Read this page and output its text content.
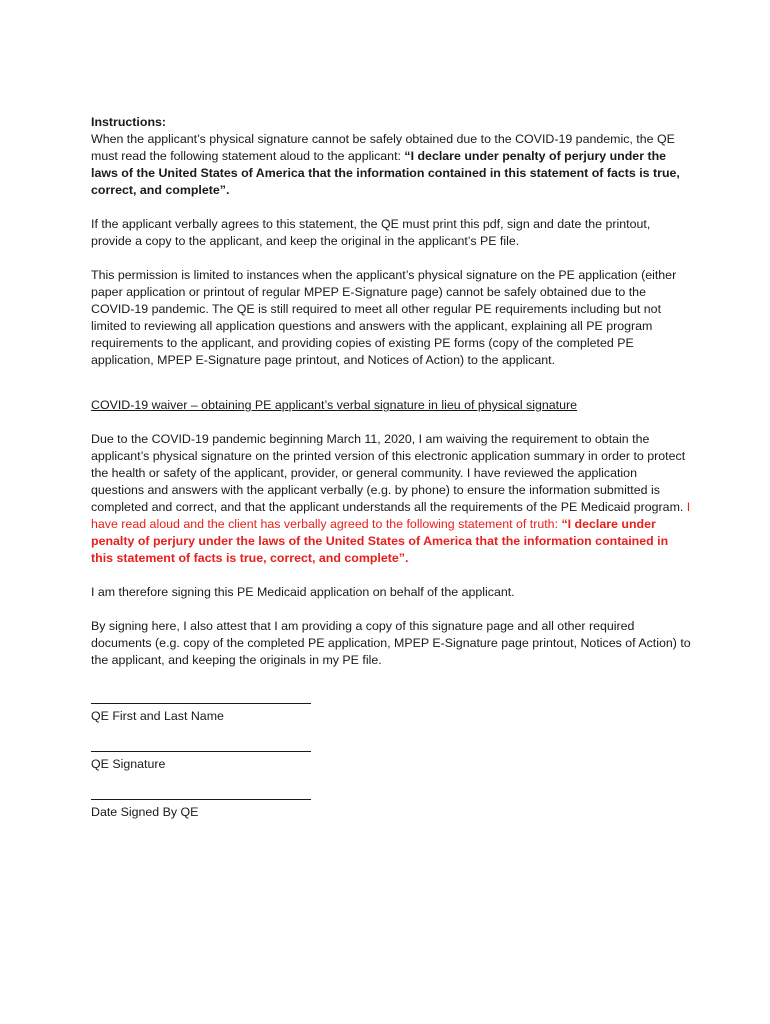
Instructions:

When the applicant’s physical signature cannot be safely obtained due to the COVID-19 pandemic, the QE must read the following statement aloud to the applicant: “I declare under penalty of perjury under the laws of the United States of America that the information contained in this statement of facts is true, correct, and complete”.

If the applicant verbally agrees to this statement, the QE must print this pdf, sign and date the printout, provide a copy to the applicant, and keep the original in the applicant’s PE file.

This permission is limited to instances when the applicant’s physical signature on the PE application (either paper application or printout of regular MPEP E-Signature page) cannot be safely obtained due to the COVID-19 pandemic. The QE is still required to meet all other regular PE requirements including but not limited to reviewing all application questions and answers with the applicant, explaining all PE program requirements to the applicant, and providing copies of existing PE forms (copy of the completed PE application, MPEP E-Signature page printout, and Notices of Action) to the applicant.

COVID-19 waiver – obtaining PE applicant’s verbal signature in lieu of physical signature

Due to the COVID-19 pandemic beginning March 11, 2020, I am waiving the requirement to obtain the applicant’s physical signature on the printed version of this electronic application summary in order to protect the health or safety of the applicant, provider, or general community. I have reviewed the application questions and answers with the applicant verbally (e.g. by phone) to ensure the information submitted is completed and correct, and that the applicant understands all the requirements of the PE Medicaid program. I have read aloud and the client has verbally agreed to the following statement of truth: “I declare under penalty of perjury under the laws of the United States of America that the information contained in this statement of facts is true, correct, and complete”.

I am therefore signing this PE Medicaid application on behalf of the applicant.

By signing here, I also attest that I am providing a copy of this signature page and all other required documents (e.g. copy of the completed PE application, MPEP E-Signature page printout, Notices of Action) to the applicant, and keeping the originals in my PE file.

QE First and Last Name

QE Signature

Date Signed By QE
